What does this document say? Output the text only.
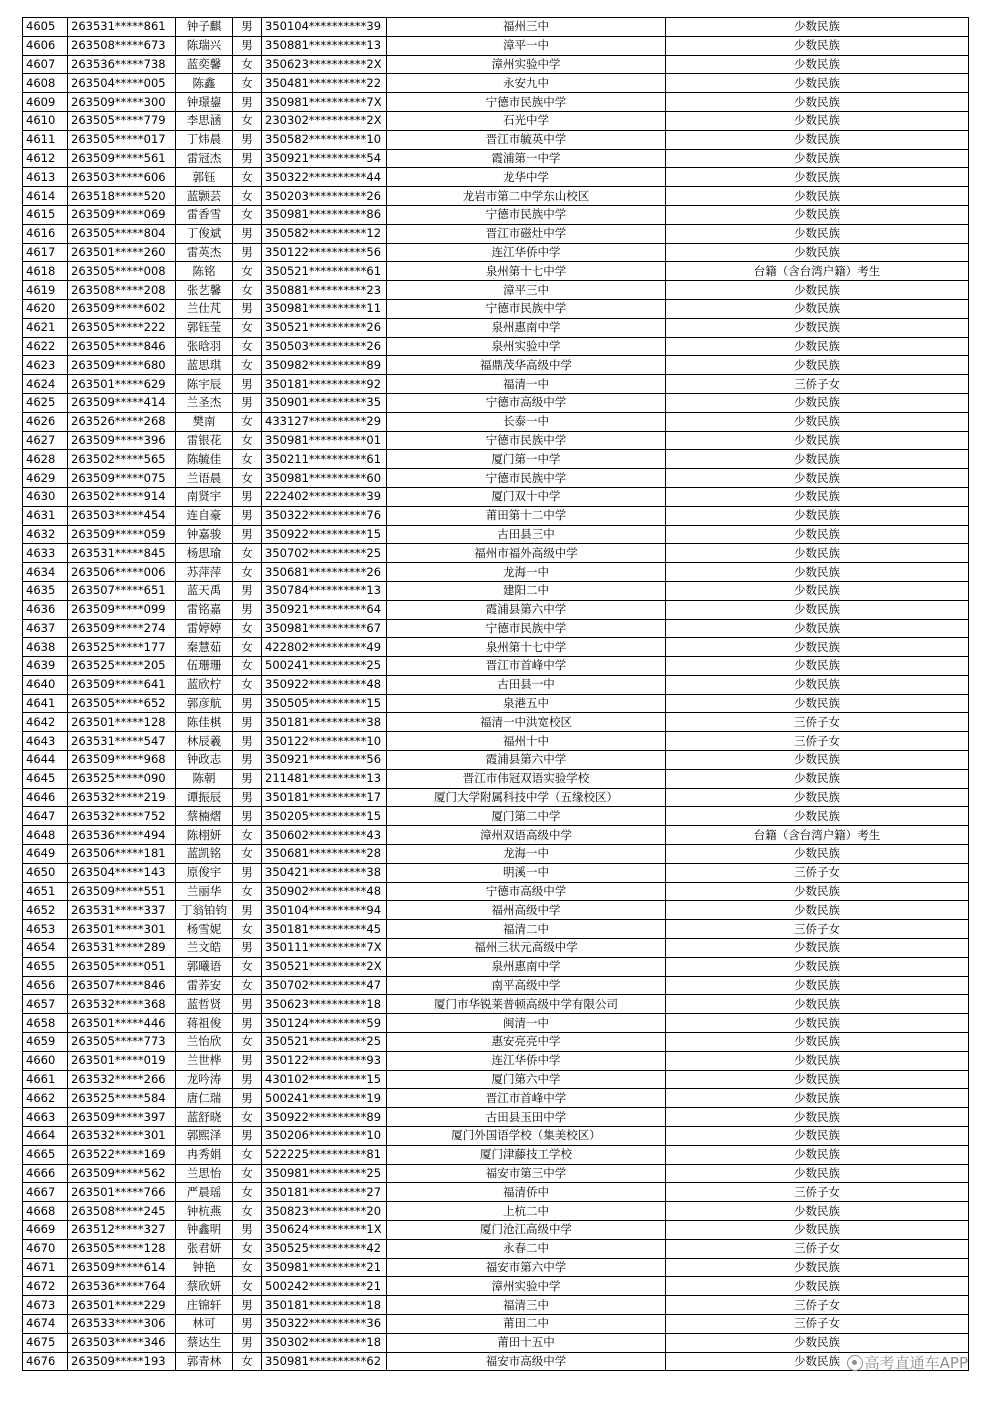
4605	263531*****861	钟子麒	男	350104**********39	福州三中	少数民族
4606	263508*****673	陈瑞兴	男	350881**********13	漳平一中	少数民族
4607	263536*****738	蓝奕馨	女	350623**********2X	漳州实验中学	少数民族
4608	263504*****005	陈鑫	女	350481**********22	永安九中	少数民族
4609	263509*****300	钟璟鋆	男	350981**********7X	宁德市民族中学	少数民族
4610	263505*****779	李思涵	女	230302**********2X	石光中学	少数民族
4611	263505*****017	丁炜晨	男	350582**********10	晋江市毓英中学	少数民族
4612	263509*****561	雷冠杰	男	350921**********54	霞浦第一中学	少数民族
4613	263503*****606	郭钰	女	350322**********44	龙华中学	少数民族
4614	263518*****520	蓝颢芸	女	350203**********26	龙岩市第二中学东山校区	少数民族
4615	263509*****069	雷香雪	女	350981**********86	宁德市民族中学	少数民族
4616	263505*****804	丁俊斌	男	350582**********12	晋江市磁灶中学	少数民族
4617	263501*****260	雷英杰	男	350122**********56	连江华侨中学	少数民族
4618	263505*****008	陈铭	女	350521**********61	泉州第十七中学	台籍（含台湾户籍）考生
4619	263508*****208	张艺馨	女	350881**********23	漳平三中	少数民族
4620	263509*****602	兰仕芃	男	350981**********11	宁德市民族中学	少数民族
4621	263505*****222	郭钰莹	女	350521**********26	泉州惠南中学	少数民族
4622	263505*****846	张晗羽	女	350503**********26	泉州实验中学	少数民族
4623	263509*****680	蓝思琪	女	350982**********89	福鼎茂华高级中学	少数民族
4624	263501*****629	陈宇辰	男	350181**********92	福清一中	三侨子女
4625	263509*****414	兰圣杰	男	350901**********35	宁德市高级中学	少数民族
4626	263526*****268	樊南	女	433127**********29	长泰一中	少数民族
4627	263509*****396	雷银花	女	350981**********01	宁德市民族中学	少数民族
4628	263502*****565	陈毓佳	女	350211**********61	厦门第一中学	少数民族
4629	263509*****075	兰语晨	女	350981**********60	宁德市民族中学	少数民族
4630	263502*****914	南贤宇	男	222402**********39	厦门双十中学	少数民族
4631	263503*****454	连自豪	男	350322**********76	莆田第十二中学	少数民族
4632	263509*****059	钟嘉骏	男	350922**********15	古田县三中	少数民族
4633	263531*****845	杨思瑜	女	350702**********25	福州市福外高级中学	少数民族
4634	263506*****006	苏萍萍	女	350681**********26	龙海一中	少数民族
4635	263507*****651	蓝天禹	男	350784**********13	建阳二中	少数民族
4636	263509*****099	雷铭嘉	男	350921**********64	霞浦县第六中学	少数民族
4637	263509*****274	雷婷婷	女	350981**********67	宁德市民族中学	少数民族
4638	263525*****177	秦慧茹	女	422802**********49	泉州第十七中学	少数民族
4639	263525*****205	伍珊珊	女	500241**********25	晋江市首峰中学	少数民族
4640	263509*****641	蓝欣柠	女	350922**********48	古田县一中	少数民族
4641	263505*****652	郭彦航	男	350505**********15	泉港五中	少数民族
4642	263501*****128	陈佳棋	男	350181**********38	福清一中洪宽校区	三侨子女
4643	263531*****547	林辰羲	男	350122**********10	福州十中	三侨子女
4644	263509*****968	钟政志	男	350921**********56	霞浦县第六中学	少数民族
4645	263525*****090	陈朝	男	211481**********13	晋江市伟冠双语实验学校	少数民族
4646	263532*****219	谭振辰	男	350181**********17	厦门大学附属科技中学（五缘校区）	少数民族
4647	263532*****752	蔡楠熠	男	350205**********15	厦门第二中学	少数民族
4648	263536*****494	陈栩妍	女	350602**********43	漳州双语高级中学	台籍（含台湾户籍）考生
4649	263506*****181	蓝凯铭	女	350681**********28	龙海一中	少数民族
4650	263504*****143	原俊宇	男	350421**********38	明溪一中	三侨子女
4651	263509*****551	兰丽华	女	350902**********48	宁德市高级中学	少数民族
4652	263531*****337	丁翁铂钧	男	350104**********94	福州高级中学	少数民族
4653	263501*****301	杨雪妮	女	350181**********45	福清二中	三侨子女
4654	263531*****289	兰文皓	男	350111**********7X	福州三状元高级中学	少数民族
4655	263505*****051	郭曦语	女	350521**********2X	泉州惠南中学	少数民族
4656	263507*****846	雷荞安	女	350702**********47	南平高级中学	少数民族
4657	263532*****368	蓝哲贤	男	350623**********18	厦门市华锐莱普顿高级中学有限公司	少数民族
4658	263501*****446	蒋祖俊	男	350124**********59	闽清一中	少数民族
4659	263505*****773	兰怡欣	女	350521**********25	惠安亮亮中学	少数民族
4660	263501*****019	兰世桦	男	350122**********93	连江华侨中学	少数民族
4661	263532*****266	龙吟涛	男	430102**********15	厦门第六中学	少数民族
4662	263525*****584	唐仁瑞	男	500241**********19	晋江市首峰中学	少数民族
4663	263509*****397	蓝舒晓	女	350922**********89	古田县玉田中学	少数民族
4664	263532*****301	郭熙泽	男	350206**********10	厦门外国语学校（集美校区）	少数民族
4665	263522*****169	冉秀娟	女	522225**********81	厦门津藤技工学校	少数民族
4666	263509*****562	兰思怡	女	350981**********25	福安市第三中学	少数民族
4667	263501*****766	严晨瑶	女	350181**********27	福清侨中	三侨子女
4668	263508*****245	钟杭燕	女	350823**********20	上杭二中	少数民族
4669	263512*****327	钟鑫明	男	350624**********1X	厦门沧江高级中学	少数民族
4670	263505*****128	张君妍	女	350525**********42	永春二中	三侨子女
4671	263509*****614	钟艳	女	350981**********21	福安市第六中学	少数民族
4672	263536*****764	蔡欣妍	女	500242**********21	漳州实验中学	少数民族
4673	263501*****229	庄锦轩	男	350181**********18	福清三中	三侨子女
4674	263533*****306	林可	男	350322**********36	莆田二中	三侨子女
4675	263503*****346	蔡达生	男	350302**********18	莆田十五中	少数民族
4676	263509*****193	郭青林	女	350981**********62	福安市高级中学	少数民族 高考直通车APP
